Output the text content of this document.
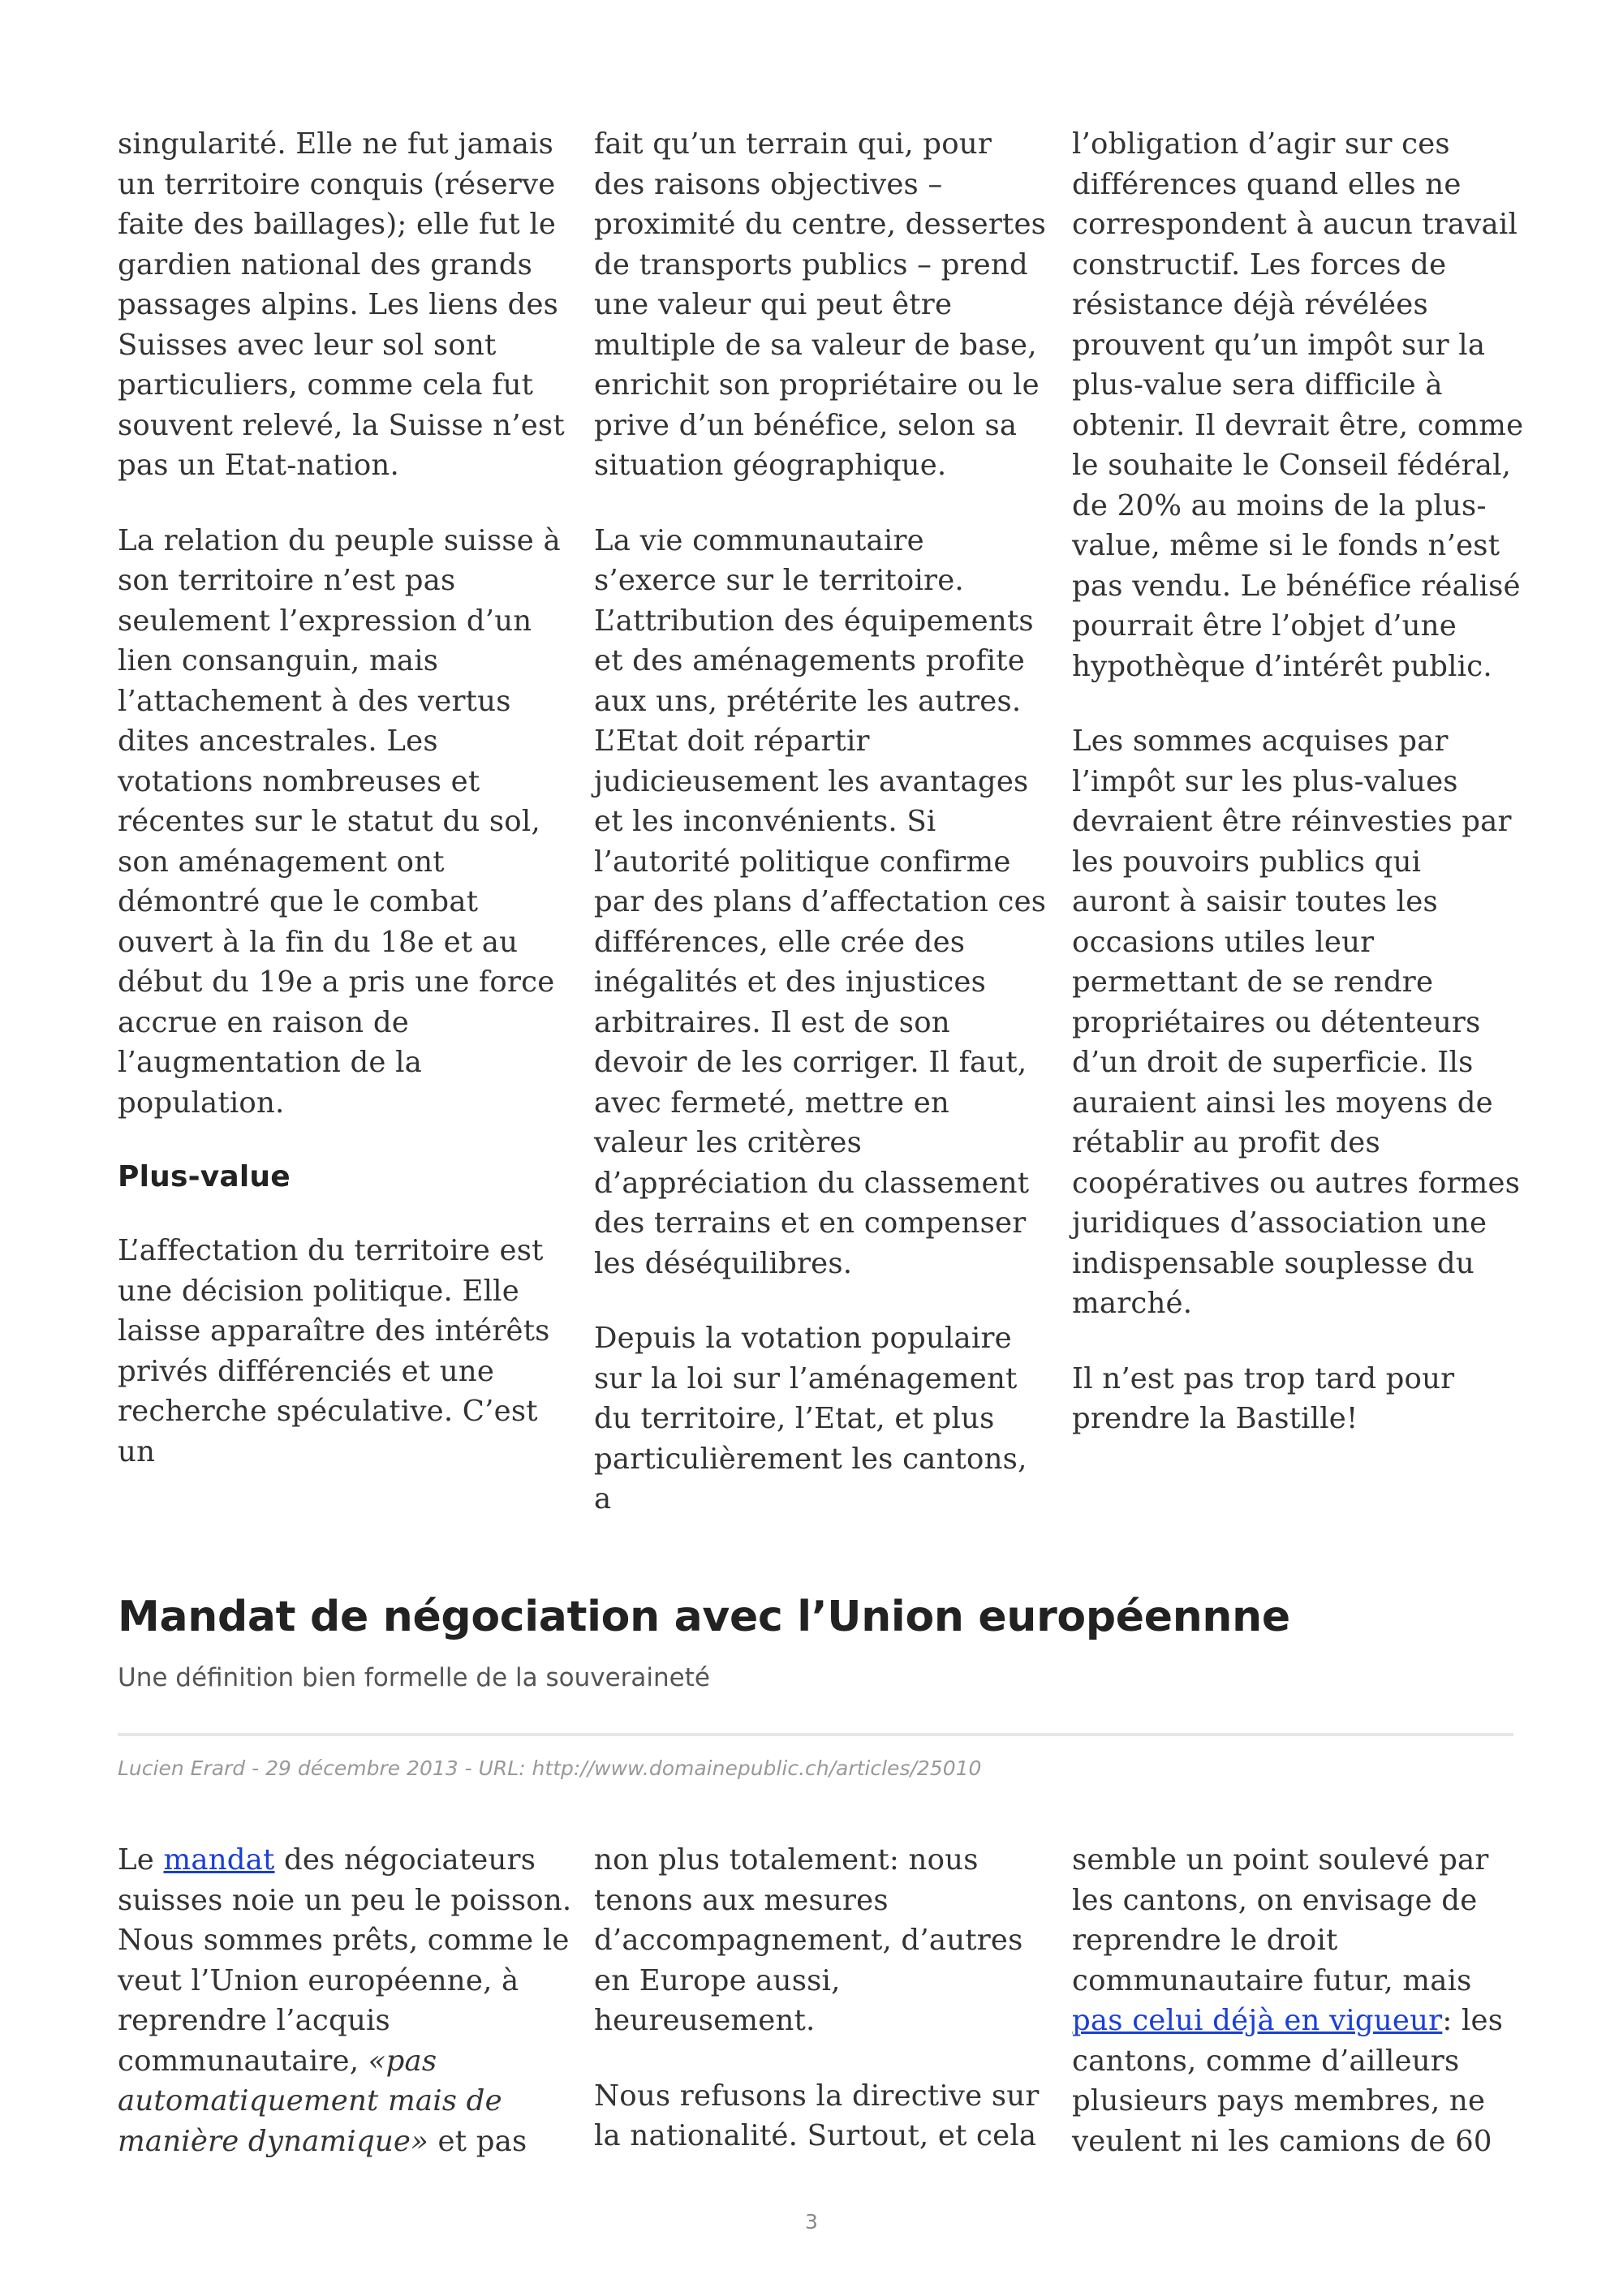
singularité. Elle ne fut jamais un territoire conquis (réserve faite des baillages); elle fut le gardien national des grands passages alpins. Les liens des Suisses avec leur sol sont particuliers, comme cela fut souvent relevé, la Suisse n’est pas un Etat-nation.

La relation du peuple suisse à son territoire n’est pas seulement l’expression d’un lien consanguin, mais l’attachement à des vertus dites ancestrales. Les votations nombreuses et récentes sur le statut du sol, son aménagement ont démontré que le combat ouvert à la fin du 18e et au début du 19e a pris une force accrue en raison de l’augmentation de la population.

Plus-value

L’affectation du territoire est une décision politique. Elle laisse apparaître des intérêts privés différenciés et une recherche spéculative. C’est un

fait qu’un terrain qui, pour des raisons objectives – proximité du centre, dessertes de transports publics – prend une valeur qui peut être multiple de sa valeur de base, enrichit son propriétaire ou le prive d’un bénéfice, selon sa situation géographique.

La vie communautaire s’exerce sur le territoire. L’attribution des équipements et des aménagements profite aux uns, prétérite les autres. L’Etat doit répartir judicieusement les avantages et les inconvénients. Si l’autorité politique confirme par des plans d’affectation ces différences, elle crée des inégalités et des injustices arbitraires. Il est de son devoir de les corriger. Il faut, avec fermeté, mettre en valeur les critères d’appréciation du classement des terrains et en compenser les déséquilibres.

Depuis la votation populaire sur la loi sur l’aménagement du territoire, l’Etat, et plus particulièrement les cantons, a

l’obligation d’agir sur ces différences quand elles ne correspondent à aucun travail constructif. Les forces de résistance déjà révélées prouvent qu’un impôt sur la plus-value sera difficile à obtenir. Il devrait être, comme le souhaite le Conseil fédéral, de 20% au moins de la plus-value, même si le fonds n’est pas vendu. Le bénéfice réalisé pourrait être l’objet d’une hypothèque d’intérêt public.

Les sommes acquises par l’impôt sur les plus-values devraient être réinvesties par les pouvoirs publics qui auront à saisir toutes les occasions utiles leur permettant de se rendre propriétaires ou détenteurs d’un droit de superficie. Ils auraient ainsi les moyens de rétablir au profit des coopératives ou autres formes juridiques d’association une indispensable souplesse du marché.

Il n’est pas trop tard pour prendre la Bastille!

Mandat de négociation avec l’Union européennne

Une définition bien formelle de la souveraineté

Lucien Erard - 29 décembre 2013 - URL: http://www.domainepublic.ch/articles/25010

Le mandat des négociateurs suisses noie un peu le poisson. Nous sommes prêts, comme le veut l’Union européenne, à reprendre l’acquis communautaire, «pas automatiquement mais de manière dynamique» et pas

non plus totalement: nous tenons aux mesures d’accompagnement, d’autres en Europe aussi, heureusement.

Nous refusons la directive sur la nationalité. Surtout, et cela

semble un point soulevé par les cantons, on envisage de reprendre le droit communautaire futur, mais pas celui déjà en vigueur: les cantons, comme d’ailleurs plusieurs pays membres, ne veulent ni les camions de 60

3
